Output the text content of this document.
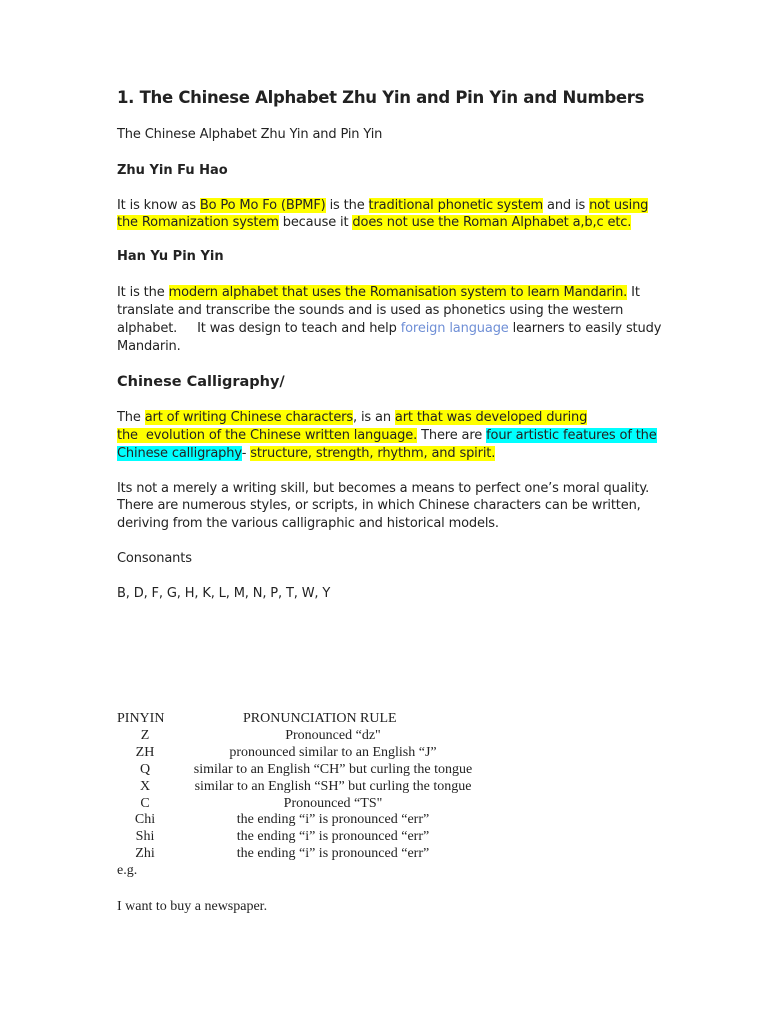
1. The Chinese Alphabet Zhu Yin and Pin Yin and Numbers
The Chinese Alphabet Zhu Yin and Pin Yin
Zhu Yin Fu Hao
It is know as Bo Po Mo Fo (BPMF) is the traditional phonetic system and is not using
the Romanization system because it does not use the Roman Alphabet a,b,c etc.
Han Yu Pin Yin
It is the modern alphabet that uses the Romanisation system to learn Mandarin. It
translate and transcribe the sounds and is used as phonetics using the western
alphabet.     It was design to teach and help foreign language learners to easily study
Mandarin.
Chinese Calligraphy/
The art of writing Chinese characters, is an art that was developed during
the  evolution of the Chinese written language. There are four artistic features of the
Chinese calligraphy- structure, strength, rhythm, and spirit.
Its not a merely a writing skill, but becomes a means to perfect one’s moral quality.
There are numerous styles, or scripts, in which Chinese characters can be written,
deriving from the various calligraphic and historical models.
Consonants
B, D, F, G, H, K, L, M, N, P, T, W, Y
PINYIN	PRONUNCIATION RULE
Z	Pronounced “dz"
ZH	pronounced similar to an English “J”
Q	similar to an English “CH” but curling the tongue
X	similar to an English “SH” but curling the tongue
C	Pronounced “TS"
Chi	the ending “i” is pronounced “err”
Shi	the ending “i” is pronounced “err”
Zhi	the ending “i” is pronounced “err”
e.g.
I want to buy a newspaper.
